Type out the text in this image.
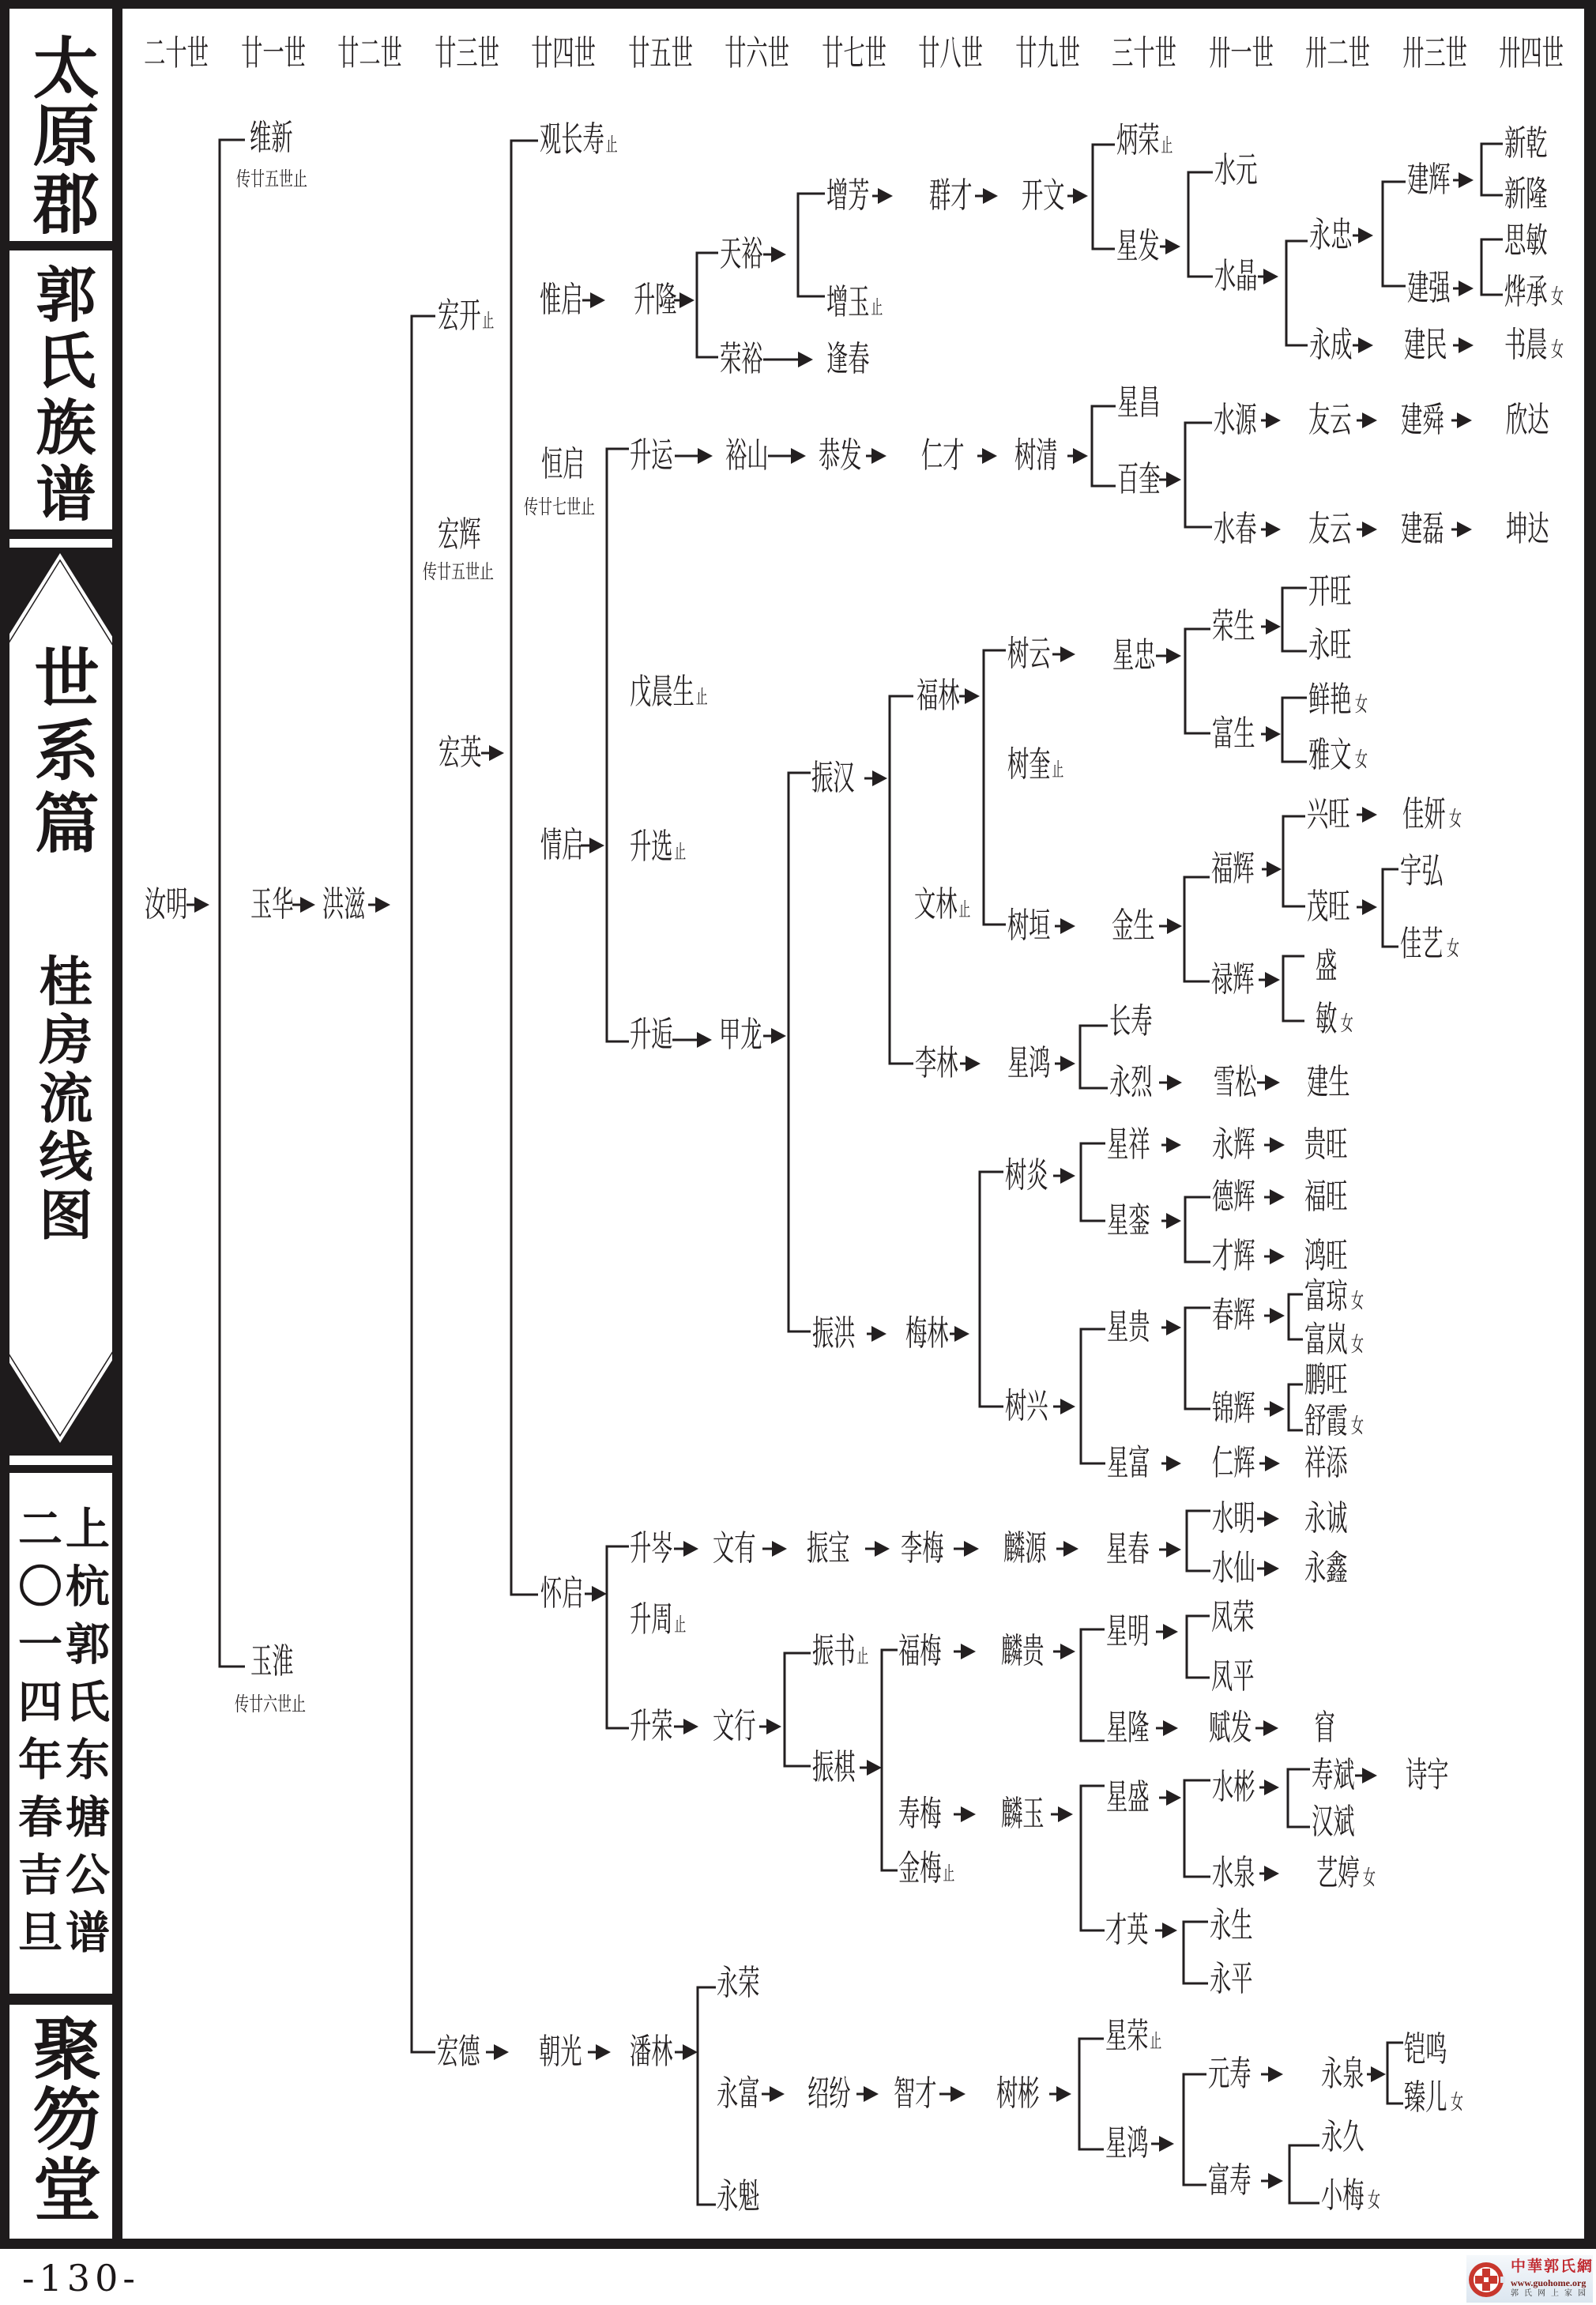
太原郡
郭氏族谱
世系篇
桂房流线图
上杭郭氏东塘公谱
二〇一四年春吉旦
聚笏堂
二十世 廿一世 廿二世 廿三世 廿四世 廿五世 廿六世 廿七世 廿八世 廿九世 三十世 卅一世 卅二世 卅三世 卅四世
汝明
维新
传廿五世止
玉华
玉淮
传廿六世止
洪滋
宏开止
宏辉
传廿五世止
宏英
宏德
观长寿止
惟启
恒启
传廿七世止
情启
怀启
朝光
升隆
升运
戊晨生止
升选止
升逅
升岑
升周止
升荣
潘林
天裕
荣裕
裕山
甲龙
文有
文行
永荣
永富
永魁
增芳
增玉止
逢春
恭发
振汉
振洪
振宝
振书止
振棋
绍纷
群才
仁才
福林
文林止
李林
梅林
李梅
福梅
寿梅
金梅止
智才
开文
树清
树云
树奎止
树垣
星鸿
树炎
树兴
麟源
麟贵
麟玉
树彬
炳荣止
星发
星昌
百奎
星忠
金生
长寿
永烈
星祥
星銮
星贵
星富
星春
星明
星隆
星盛
才英
星荣止
星鸿
水元
水晶
水源
水春
荣生
富生
福辉
禄辉
雪松
永辉
德辉
才辉
春辉
锦辉
仁辉
水明
水仙
凤荣
凤平
赋发
水彬
水泉
永生
永平
元寿
富寿
永忠
永成
友云
友云
开旺
永旺
鲜艳 女
雅文 女
兴旺
茂旺
盛
敏女
建生
贵旺
福旺
鸿旺
富琼 女
富岚 女
鹏旺
舒霞 女
祥添
永诚
永鑫
窅
寿斌
汉斌
艺婷 女
永泉
永久
小梅 女
建辉
建强
建民
建舜
建磊
佳妍 女
宇弘
佳艺 女
诗宇
铠鸣
臻儿 女
新乾
新隆
思敏
烨承 女
书晨 女
欣达
坤达
-130-	中華郭氏網
www.guohome.org
郭氏网上家园
